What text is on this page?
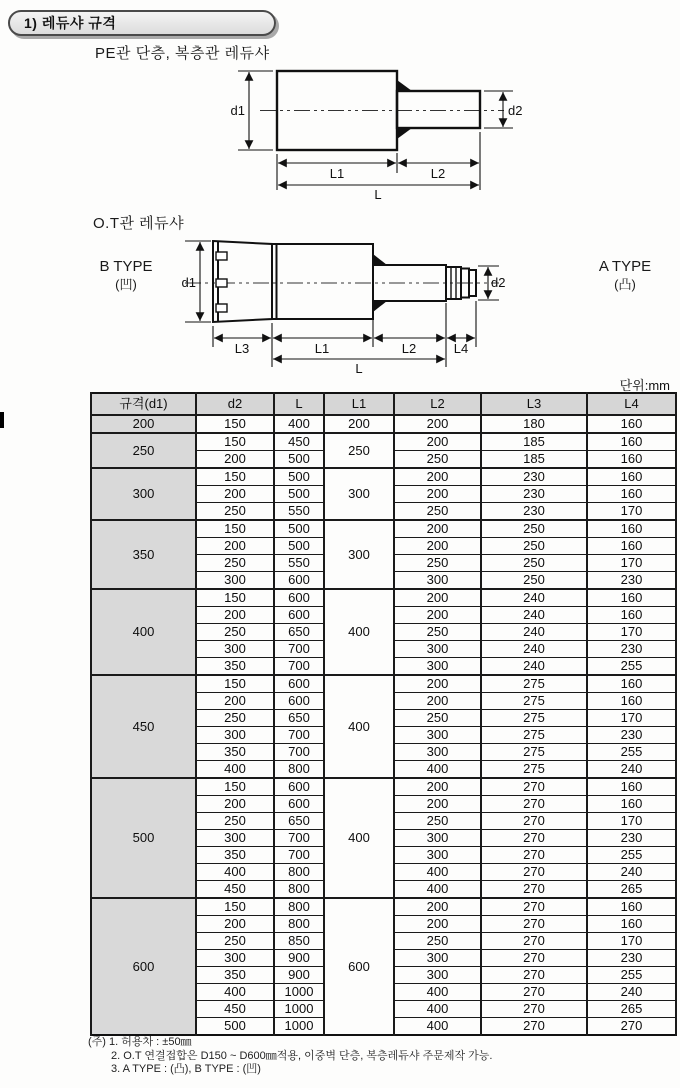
1) 레듀샤 규격
PE관 단층, 복층관 레듀샤
d1	d2
L1	L2
L
O.T관 레듀샤
B TYPE
(凹)
A TYPE
(凸)
d1	d2
L3	L1	L2	L4
L
단위:mm
규격(d1)	d2	L	L1	L2	L3	L4
200	150	400	200	200	180	160
250	150	450	250	200	185	160
	200	500		250	185	160
300	150	500	300	200	230	160
	200	500		200	230	160
	250	550		250	230	170
350	150	500	300	200	250	160
	200	500		200	250	160
	250	550		250	250	170
	300	600		300	250	230
400	150	600	400	200	240	160
	200	600		200	240	160
	250	650		250	240	170
	300	700		300	240	230
	350	700		300	240	255
450	150	600	400	200	275	160
	200	600		200	275	160
	250	650		250	275	170
	300	700		300	275	230
	350	700		300	275	255
	400	800		400	275	240
500	150	600	400	200	270	160
	200	600		200	270	160
	250	650		250	270	170
	300	700		300	270	230
	350	700		300	270	255
	400	800		400	270	240
	450	800		400	270	265
600	150	800	600	200	270	160
	200	800		200	270	160
	250	850		250	270	170
	300	900		300	270	230
	350	900		300	270	255
	400	1000		400	270	240
	450	1000		400	270	265
	500	1000		400	270	270
(주) 1. 허용차 : ±50㎜
2. O.T 연결접합은 D150 ~ D600㎜적용, 이중벽 단층, 복층레듀샤 주문제작 가능.
3. A TYPE : (凸), B TYPE : (凹)
